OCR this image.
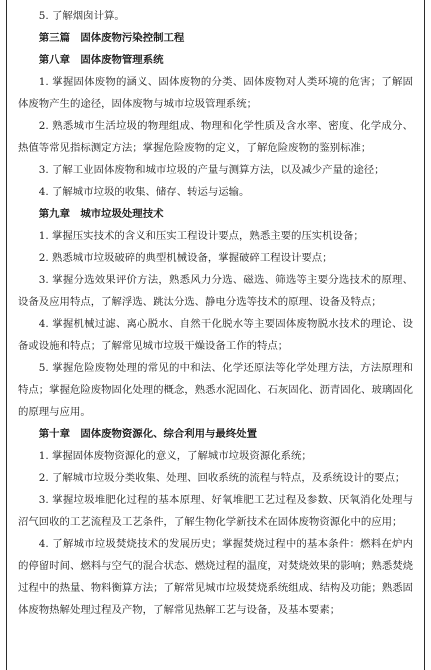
5. 了解烟囱计算。
第三篇　固体废物污染控制工程
第八章　固体废物管理系统
1. 掌握固体废物的涵义、固体废物的分类、固体废物对人类环境的危害；了解固体废物产生的途径，固体废物与城市垃圾管理系统；
2. 熟悉城市生活垃圾的物理组成、物理和化学性质及含水率、密度、化学成分、热值等常见指标测定方法；掌握危险废物的定义，了解危险废物的鉴别标准；
3. 了解工业固体废物和城市垃圾的产量与测算方法，以及减少产量的途径；
4. 了解城市垃圾的收集、储存、转运与运输。
第九章　城市垃圾处理技术
1. 掌握压实技术的含义和压实工程设计要点，熟悉主要的压实机设备；
2. 熟悉城市垃圾破碎的典型机械设备，掌握破碎工程设计要点；
3. 掌握分选效果评价方法，熟悉风力分选、磁选、筛选等主要分选技术的原理、设备及应用特点，了解浮选、跳汰分选、静电分选等技术的原理、设备及特点；
4. 掌握机械过滤、离心脱水、自然干化脱水等主要固体废物脱水技术的理论、设备或设施和特点；了解常见城市垃圾干燥设备工作的特点；
5. 掌握危险废物处理的常见的中和法、化学还原法等化学处理方法，方法原理和特点；掌握危险废物固化处理的概念，熟悉水泥固化、石灰固化、沥青固化、玻璃固化的原理与应用。
第十章　固体废物资源化、综合利用与最终处置
1. 掌握固体废物资源化的意义，了解城市垃圾资源化系统；
2. 了解城市垃圾分类收集、处理、回收系统的流程与特点，及系统设计的要点；
3. 掌握垃圾堆肥化过程的基本原理、好氧堆肥工艺过程及参数、厌氧消化处理与沼气回收的工艺流程及工艺条件，了解生物化学新技术在固体废物资源化中的应用；
4. 了解城市垃圾焚烧技术的发展历史；掌握焚烧过程中的基本条件：燃料在炉内的停留时间、燃料与空气的混合状态、燃烧过程的温度，对焚烧效果的影响；熟悉焚烧过程中的热量、物料衡算方法；了解常见城市垃圾焚烧系统组成、结构及功能；熟悉固体废物热解处理过程及产物，了解常见热解工艺与设备，及基本要素；
